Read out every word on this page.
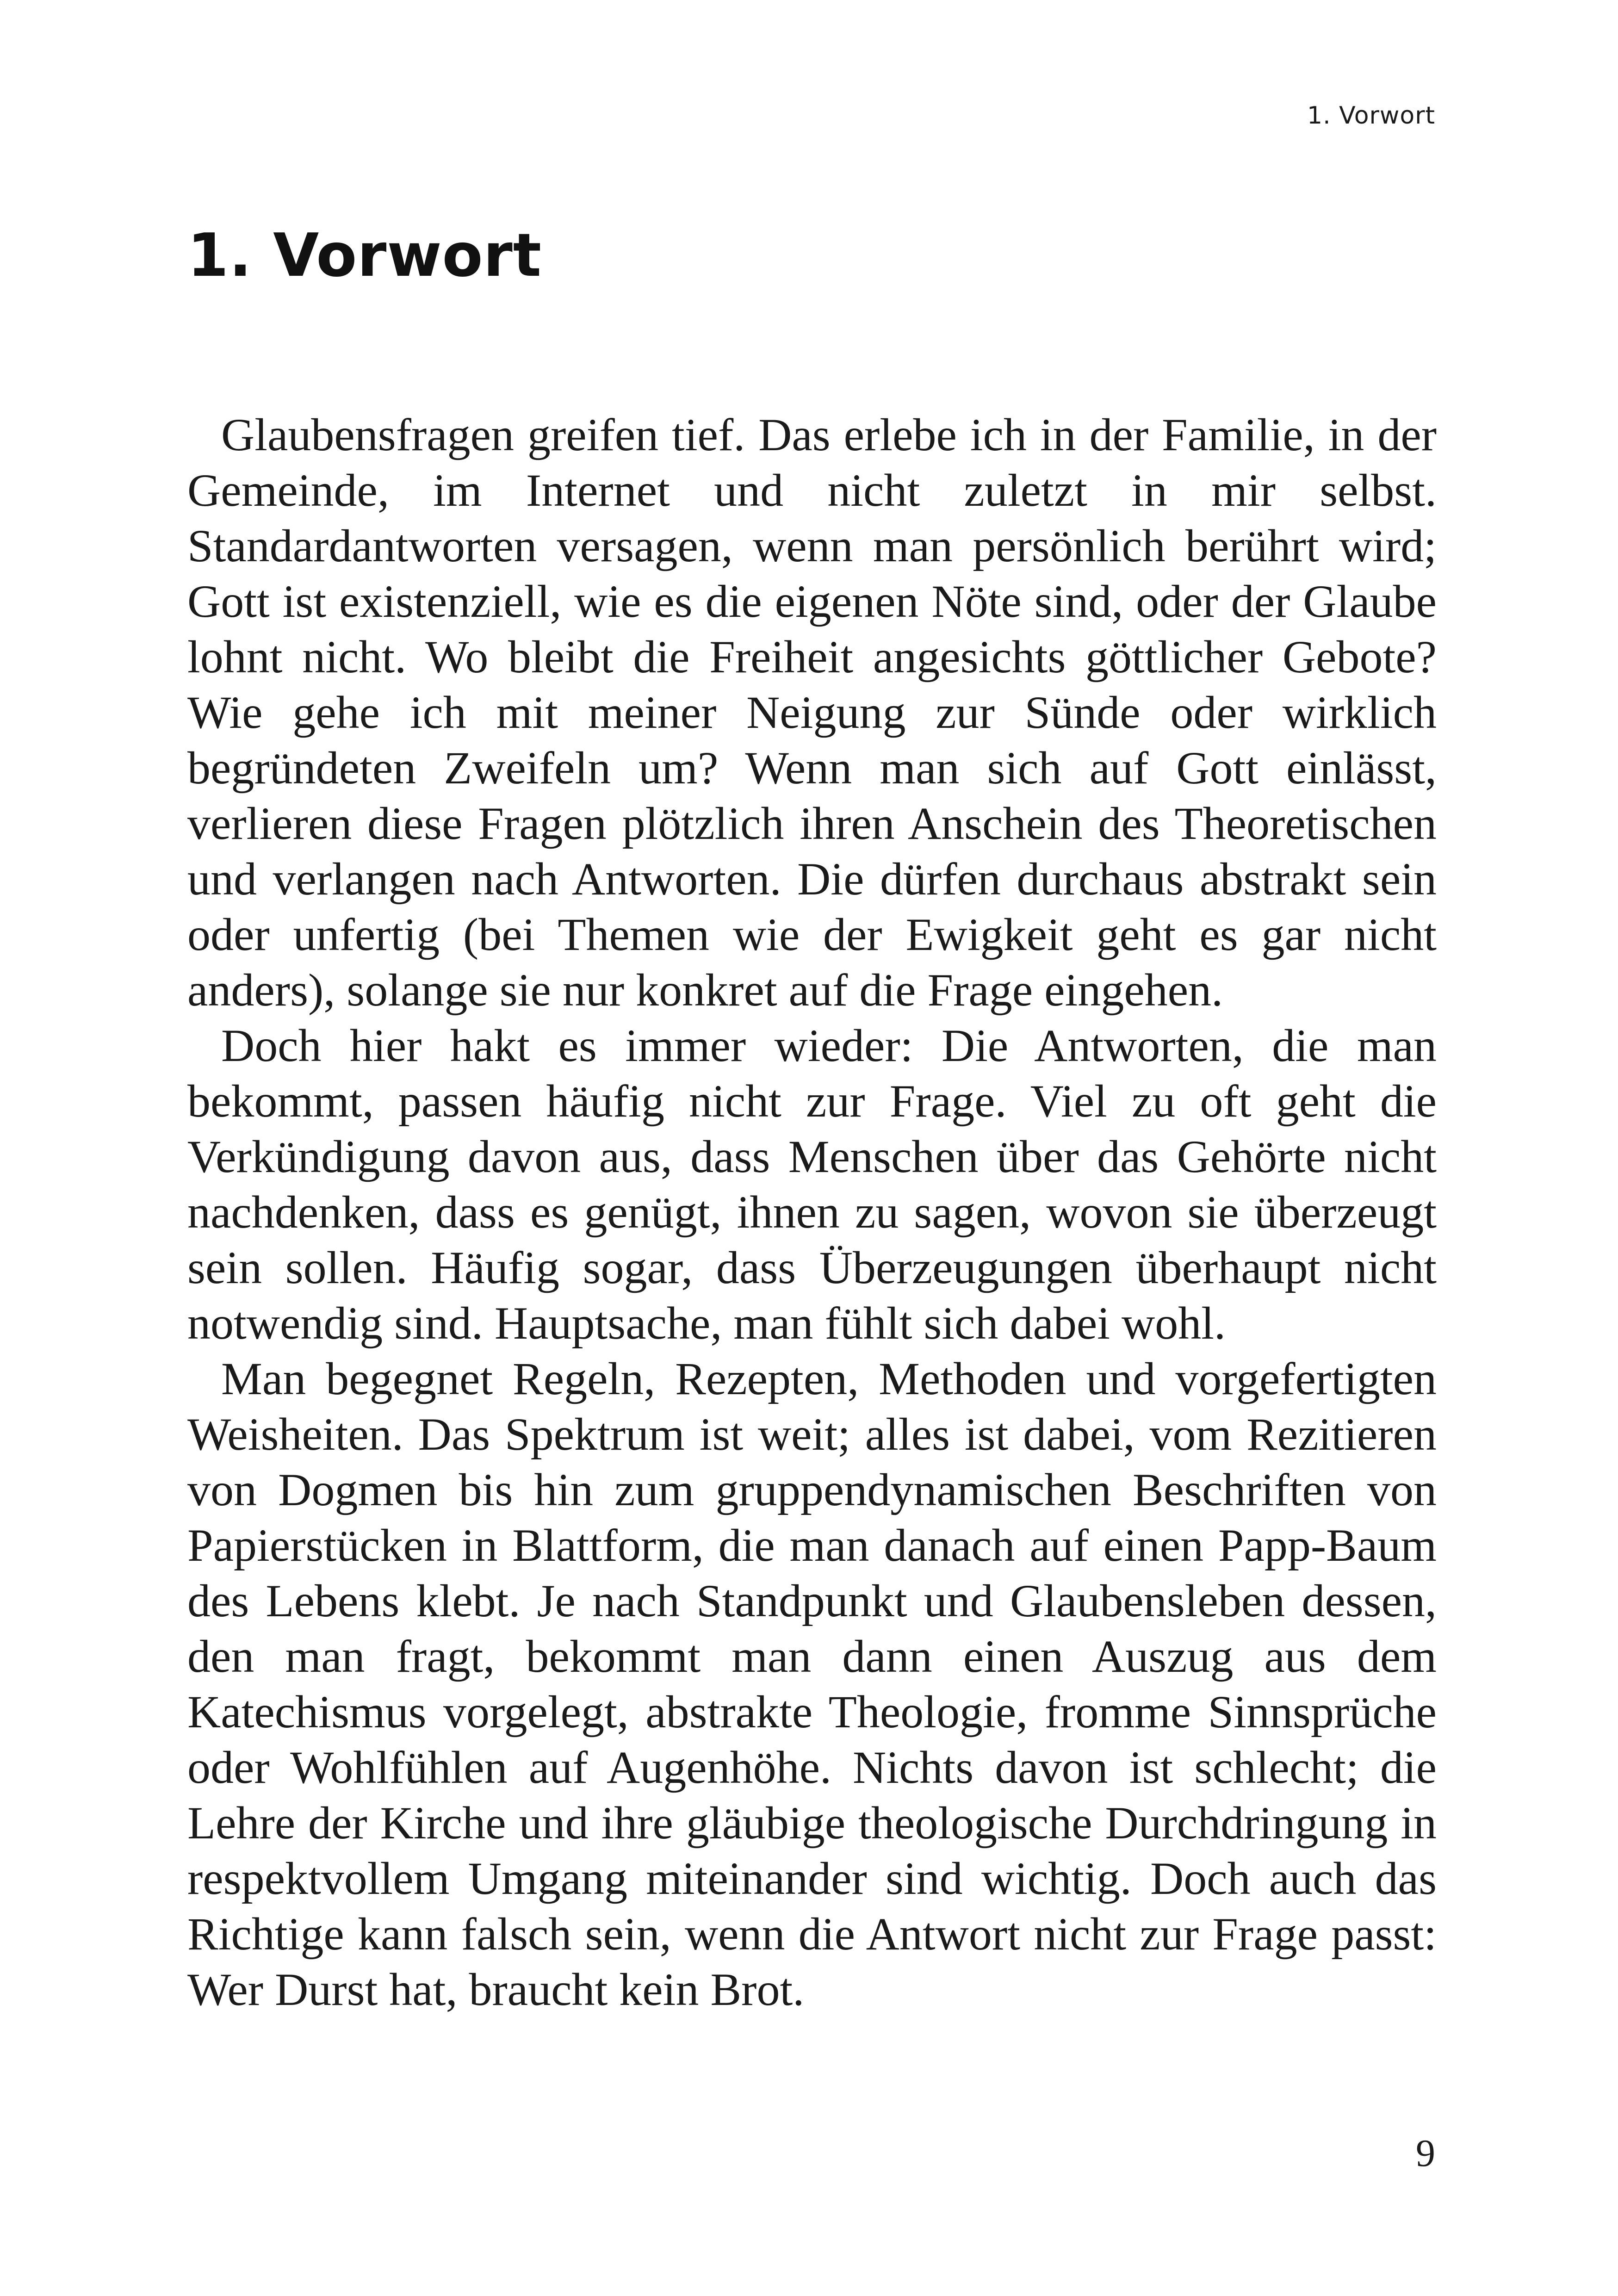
1. Vorwort
1. Vorwort

Glaubensfragen greifen tief. Das erlebe ich in der Familie, in der Gemeinde, im Internet und nicht zuletzt in mir selbst. Standardantworten versagen, wenn man persönlich berührt wird; Gott ist existenziell, wie es die eigenen Nöte sind, oder der Glaube lohnt nicht. Wo bleibt die Freiheit angesichts göttlicher Gebote? Wie gehe ich mit meiner Neigung zur Sünde oder wirklich begründeten Zweifeln um? Wenn man sich auf Gott einlässt, verlieren diese Fragen plötzlich ihren Anschein des Theoretischen und verlangen nach Antworten. Die dürfen durchaus abstrakt sein oder unfertig (bei Themen wie der Ewigkeit geht es gar nicht anders), solange sie nur konkret auf die Frage eingehen.

Doch hier hakt es immer wieder: Die Antworten, die man bekommt, passen häufig nicht zur Frage. Viel zu oft geht die Verkündigung davon aus, dass Menschen über das Gehörte nicht nachdenken, dass es genügt, ihnen zu sagen, wovon sie überzeugt sein sollen. Häufig sogar, dass Überzeugungen überhaupt nicht notwendig sind. Hauptsache, man fühlt sich dabei wohl.

Man begegnet Regeln, Rezepten, Methoden und vorgefertigten Weisheiten. Das Spektrum ist weit; alles ist dabei, vom Rezitieren von Dogmen bis hin zum gruppendynamischen Beschriften von Papierstücken in Blattform, die man danach auf einen Papp-Baum des Lebens klebt. Je nach Standpunkt und Glaubensleben dessen, den man fragt, bekommt man dann einen Auszug aus dem Katechismus vorgelegt, abstrakte Theologie, fromme Sinnsprüche oder Wohlfühlen auf Augenhöhe. Nichts davon ist schlecht; die Lehre der Kirche und ihre gläubige theologische Durchdringung in respektvollem Umgang miteinander sind wichtig. Doch auch das Richtige kann falsch sein, wenn die Antwort nicht zur Frage passt: Wer Durst hat, braucht kein Brot.

9
